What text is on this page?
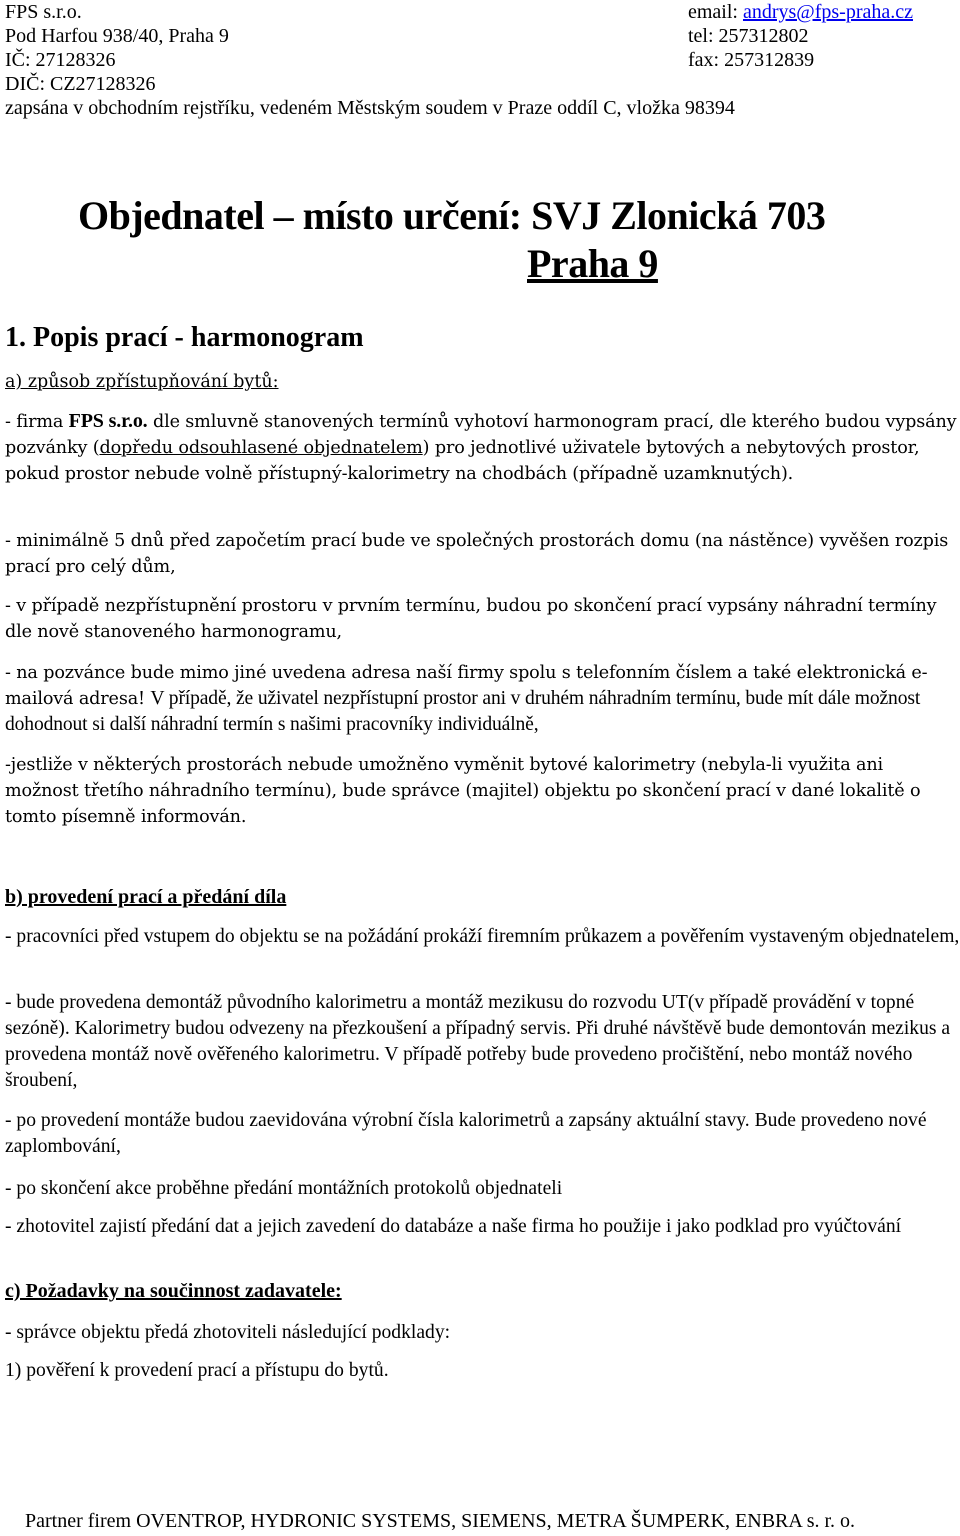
FPS s.r.o.
Pod Harfou 938/40, Praha 9
IČ: 27128326
DIČ: CZ27128326
zapsána v obchodním rejstříku, vedeném Městským soudem v Praze oddíl C, vložka 98394
email: andrys@fps-praha.cz
tel: 257312802
fax: 257312839
Objednatel – místo určení: SVJ Zlonická 703
Praha 9
1. Popis prací - harmonogram
a) způsob zpřístupňování bytů:
- firma FPS s.r.o. dle smluvně stanovených termínů vyhotoví harmonogram prací, dle kterého budou vypsány pozvánky (dopředu odsouhlasené objednatelem) pro jednotlivé uživatele bytových a nebytových prostor, pokud prostor nebude volně přístupný-kalorimetry na chodbách (případně uzamknutých).
- minimálně 5 dnů před započetím prací bude ve společných prostorách domu (na nástěnce) vyvěšen rozpis prací pro celý dům,
- v případě nezpřístupnění prostoru v prvním termínu, budou po skončení prací vypsány náhradní termíny dle nově stanoveného harmonogramu,
- na pozvánce bude mimo jiné uvedena adresa naší firmy spolu s telefonním číslem a také elektronická e-mailová adresa! V případě, že uživatel nezpřístupní prostor ani v druhém náhradním termínu, bude mít dále možnost dohodnout si další náhradní termín s našimi pracovníky individuálně,
-jestliže v některých prostorách nebude umožněno vyměnit bytové kalorimetry (nebyla-li využita ani možnost třetího náhradního termínu), bude správce (majitel) objektu po skončení prací v dané lokalitě o tomto písemně informován.
b) provedení prací a předání díla
- pracovníci před vstupem do objektu se na požádání prokáží firemním průkazem a pověřením vystaveným objednatelem,
- bude provedena demontáž původního kalorimetru a montáž mezikusu do rozvodu UT(v případě provádění v topné sezóně). Kalorimetry budou odvezeny na přezkoušení a případný servis. Při druhé návštěvě bude demontován mezikus a provedena montáž nově ověřeného kalorimetru. V případě potřeby bude provedeno pročištění, nebo montáž nového šroubení,
- po provedení montáže budou zaevidována výrobní čísla kalorimetrů a zapsány aktuální stavy. Bude provedeno nové zaplombování,
- po skončení akce proběhne předání montážních protokolů objednateli
- zhotovitel zajistí předání dat a jejich zavedení do databáze a naše firma ho použije i jako podklad pro vyúčtování
c) Požadavky na součinnost zadavatele:
- správce objektu předá zhotoviteli následující podklady:
1) pověření k provedení prací a přístupu do bytů.
Partner firem OVENTROP, HYDRONIC SYSTEMS, SIEMENS, METRA ŠUMPERK, ENBRA s. r. o.
